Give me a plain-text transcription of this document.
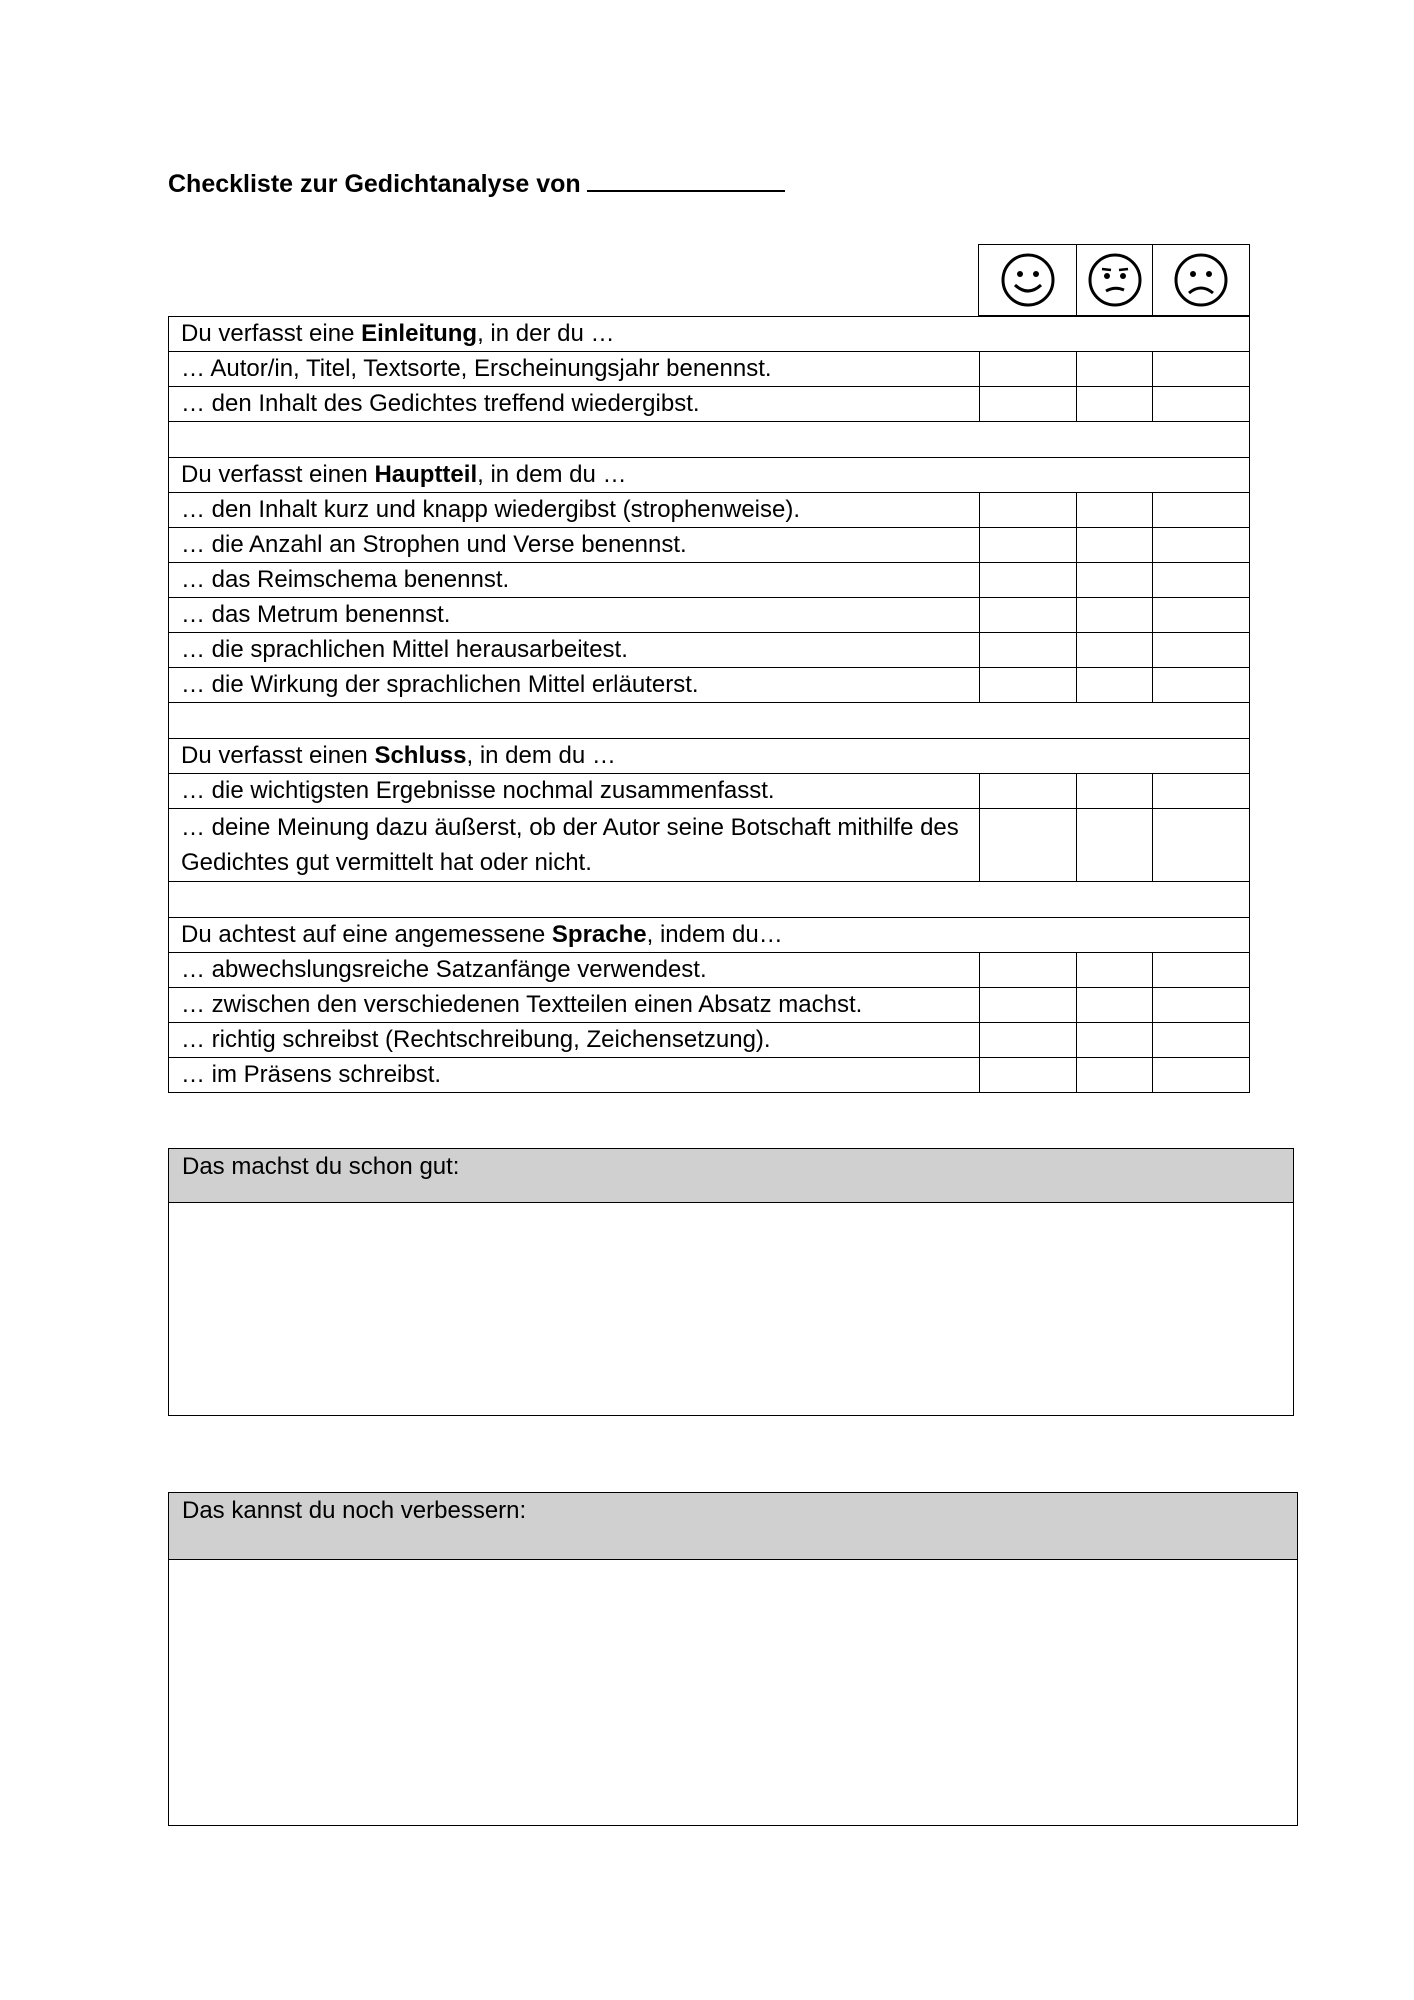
Checkliste zur Gedichtanalyse von
Du verfasst eine Einleitung, in der du …			
… Autor/in, Titel, Textsorte, Erscheinungsjahr benennst.			
… den Inhalt des Gedichtes treffend wiedergibst.			

Du verfasst einen Hauptteil, in dem du …			
… den Inhalt kurz und knapp wiedergibst (strophenweise).			
… die Anzahl an Strophen und Verse benennst.			
… das Reimschema benennst.			
… das Metrum benennst.			
… die sprachlichen Mittel herausarbeitest.			
… die Wirkung der sprachlichen Mittel erläuterst.			

Du verfasst einen Schluss, in dem du …			
… die wichtigsten Ergebnisse nochmal zusammenfasst.			
… deine Meinung dazu äußerst, ob der Autor seine Botschaft mithilfe des Gedichtes gut vermittelt hat oder nicht.			

Du achtest auf eine angemessene Sprache, indem du…			
… abwechslungsreiche Satzanfänge verwendest.			
… zwischen den verschiedenen Textteilen einen Absatz machst.			
… richtig schreibst (Rechtschreibung, Zeichensetzung).			
… im Präsens schreibst.			
Das machst du schon gut:
Das kannst du noch verbessern:
